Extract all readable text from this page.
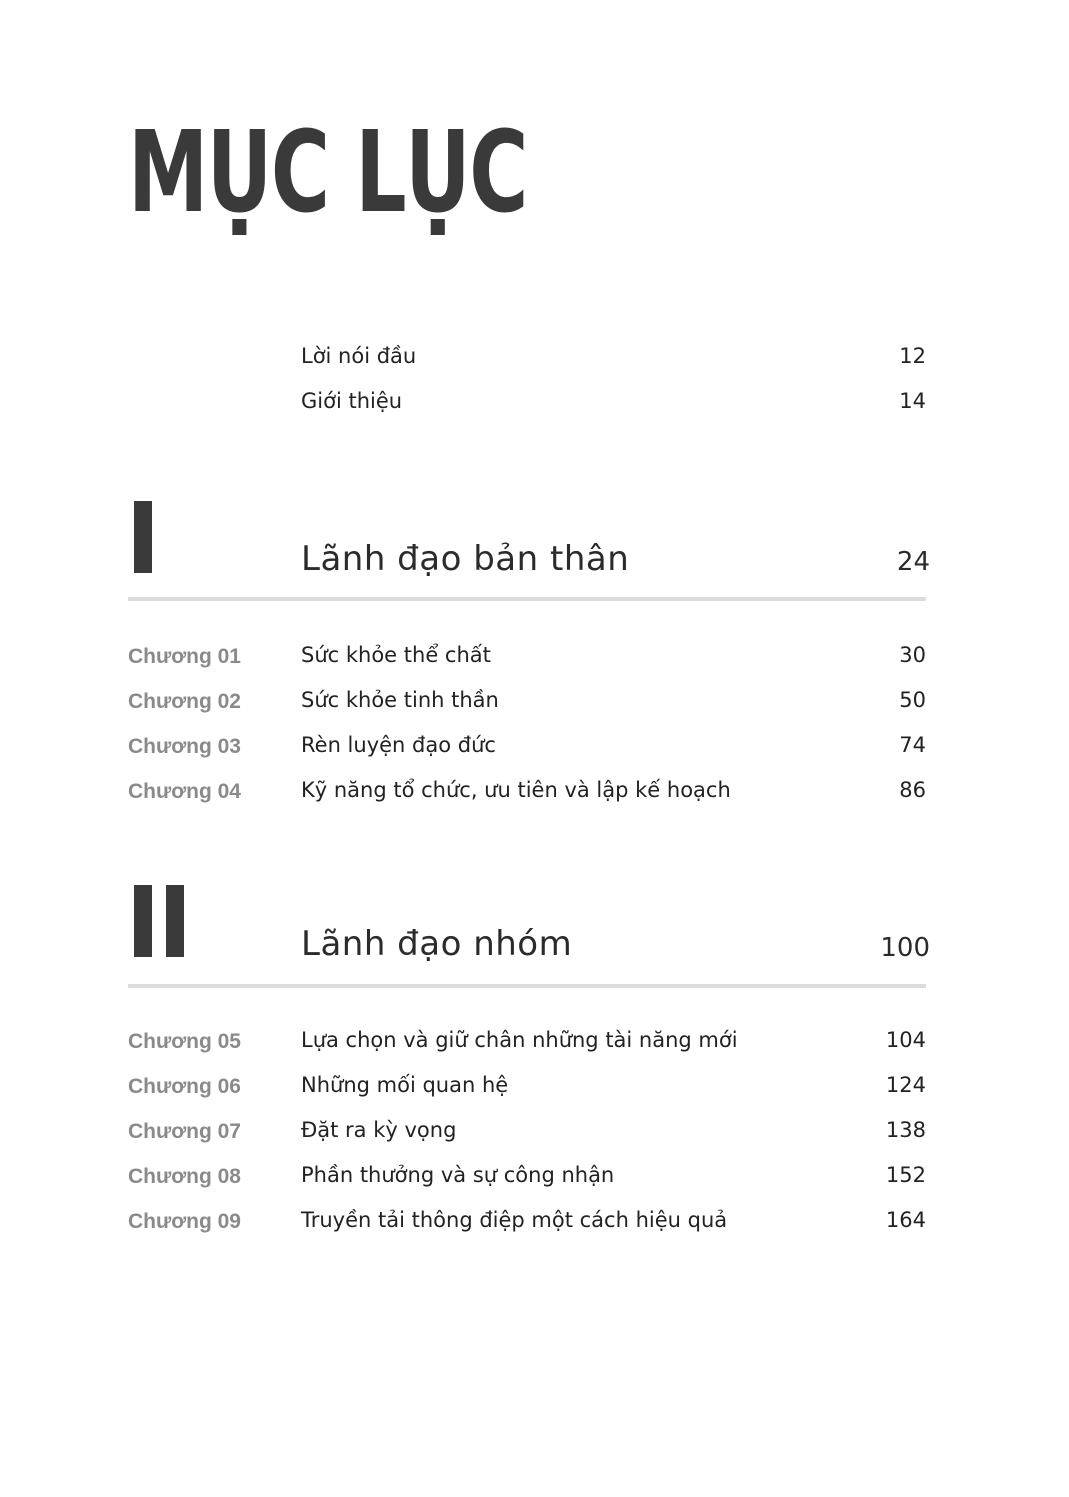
MỤC LỤC
Lời nói đầu	12
Giới thiệu	14
Lãnh đạo bản thân	24
Chương 01	Sức khỏe thể chất	30
Chương 02	Sức khỏe tinh thần	50
Chương 03	Rèn luyện đạo đức	74
Chương 04	Kỹ năng tổ chức, ưu tiên và lập kế hoạch	86
Lãnh đạo nhóm	100
Chương 05	Lựa chọn và giữ chân những tài năng mới	104
Chương 06	Những mối quan hệ	124
Chương 07	Đặt ra kỳ vọng	138
Chương 08	Phần thưởng và sự công nhận	152
Chương 09	Truyền tải thông điệp một cách hiệu quả	164
